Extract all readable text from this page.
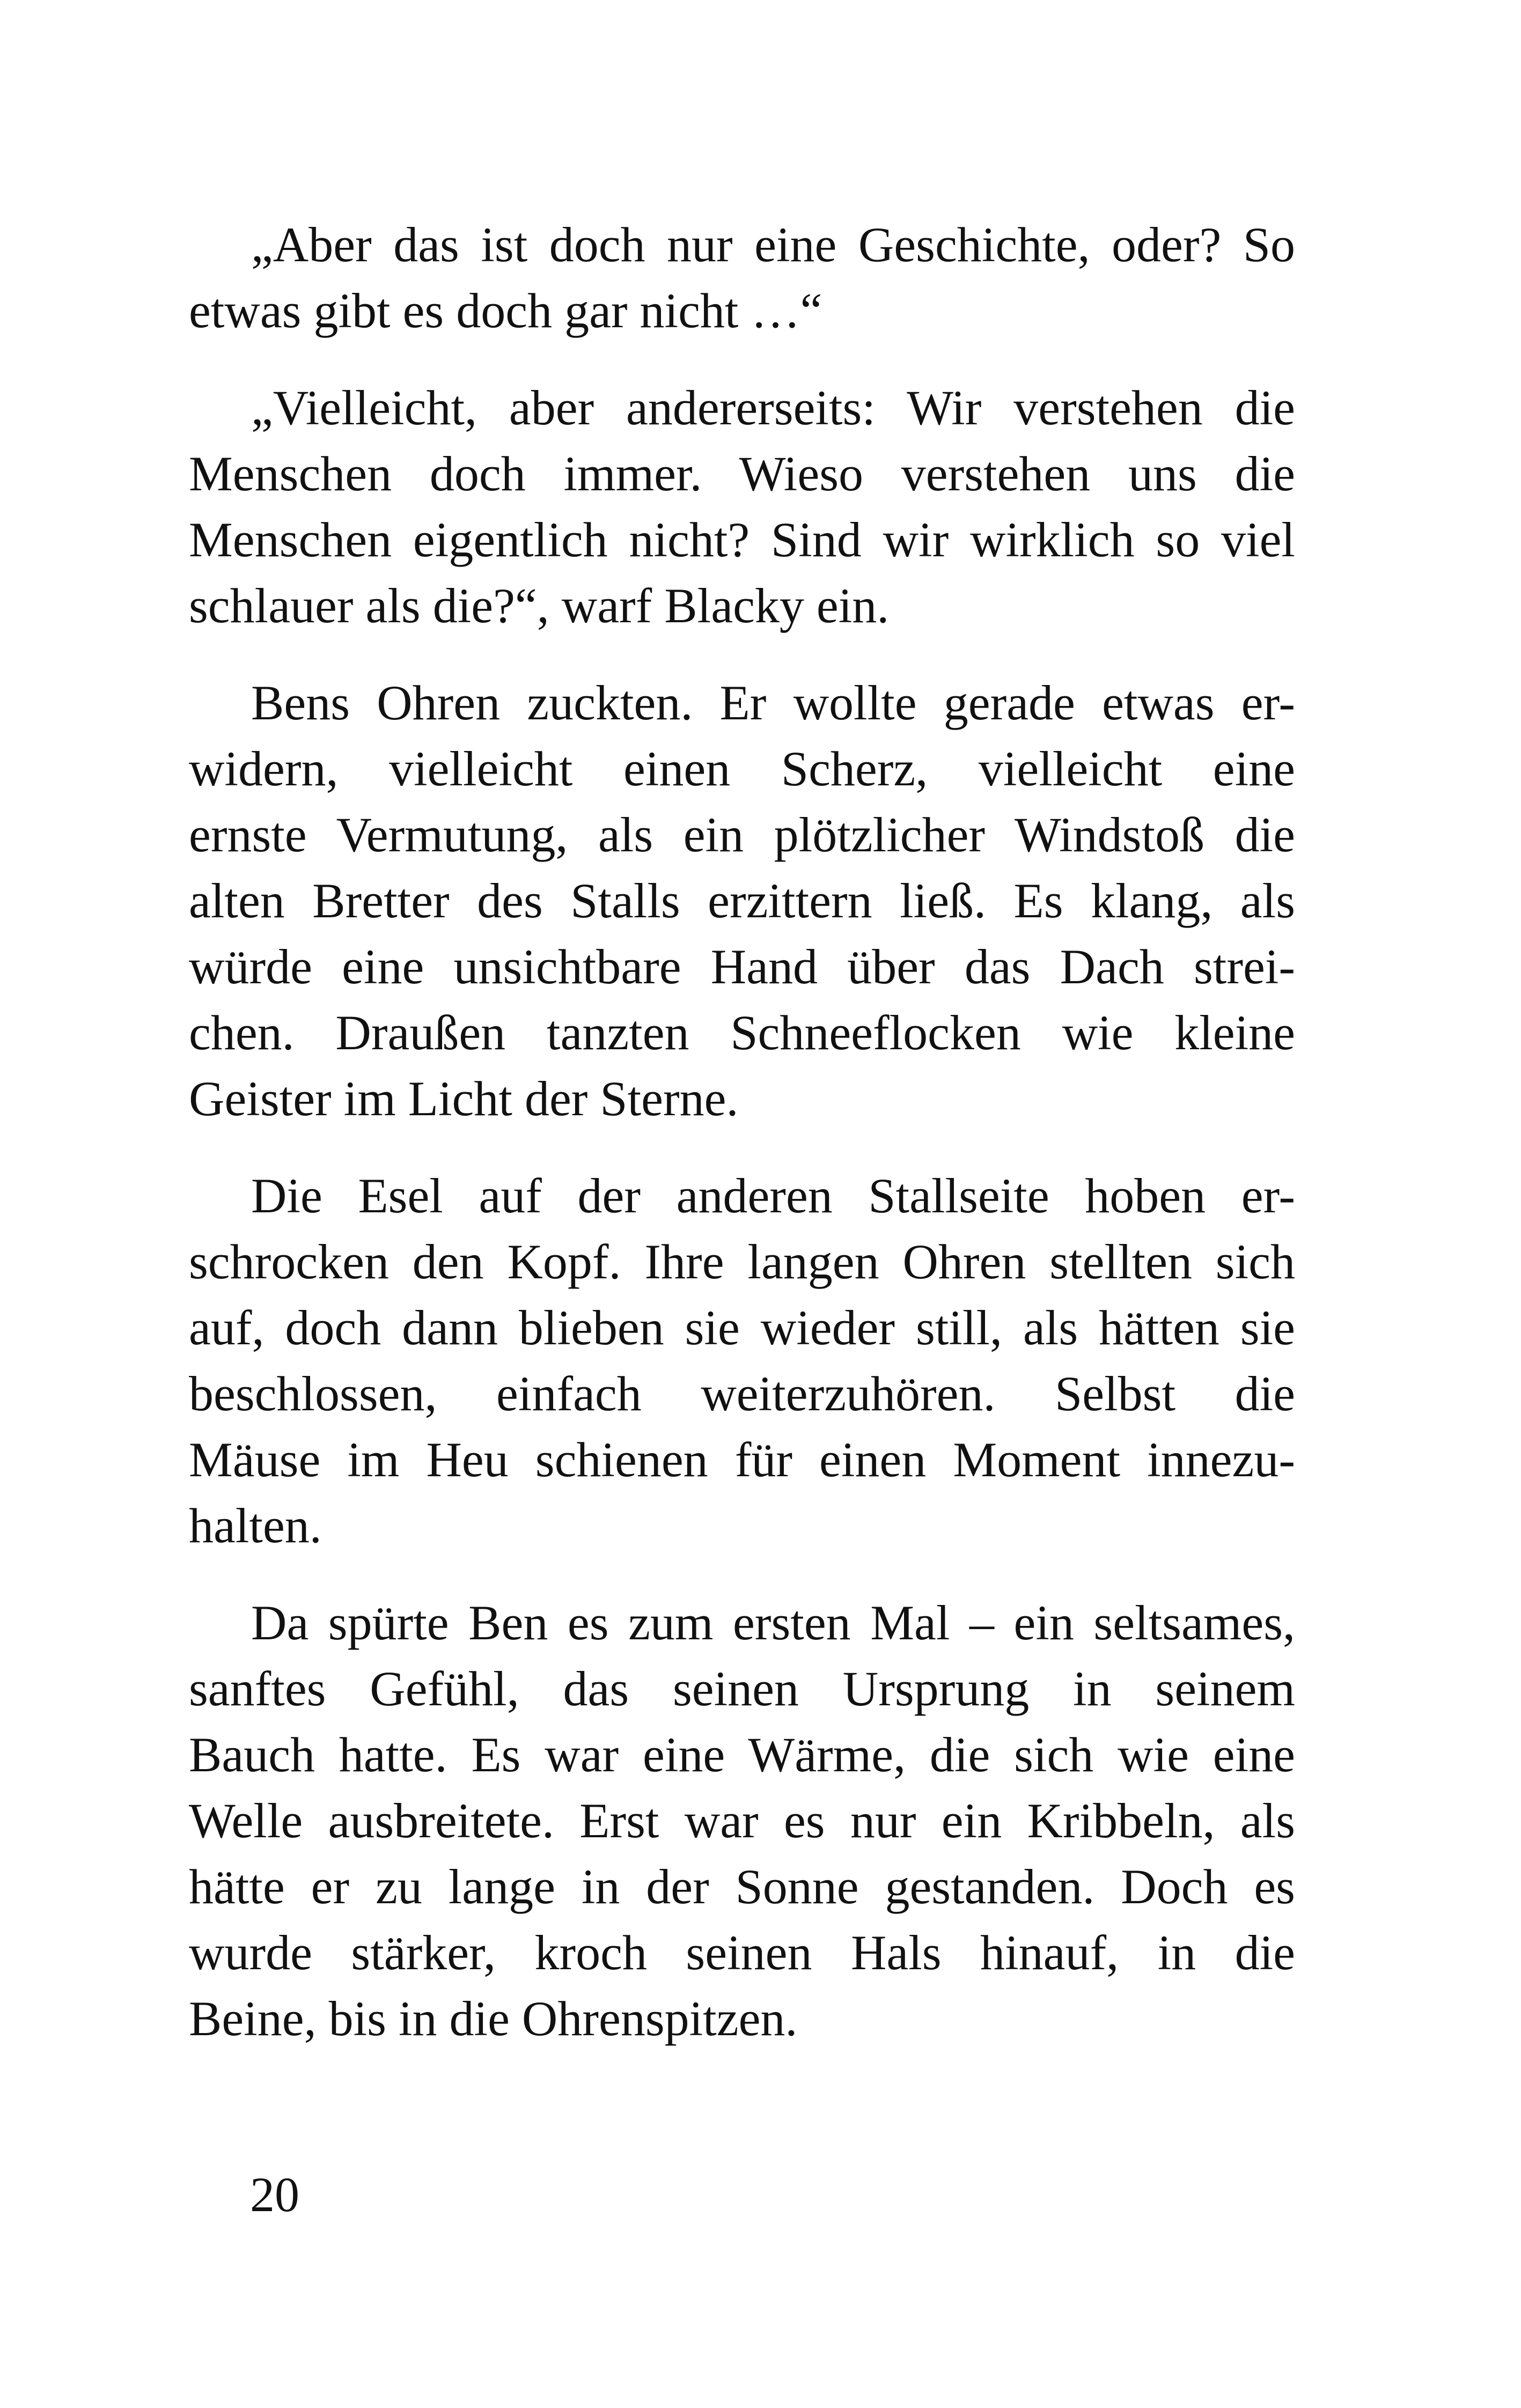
„Aber das ist doch nur eine Geschichte, oder? So
etwas gibt es doch gar nicht …“
„Vielleicht, aber andererseits: Wir verstehen die
Menschen doch immer. Wieso verstehen uns die
Menschen eigentlich nicht? Sind wir wirklich so viel
schlauer als die?“, warf Blacky ein.
Bens Ohren zuckten. Er wollte gerade etwas er-
widern, vielleicht einen Scherz, vielleicht eine
ernste Vermutung, als ein plötzlicher Windstoß die
alten Bretter des Stalls erzittern ließ. Es klang, als
würde eine unsichtbare Hand über das Dach strei-
chen. Draußen tanzten Schneeflocken wie kleine
Geister im Licht der Sterne.
Die Esel auf der anderen Stallseite hoben er-
schrocken den Kopf. Ihre langen Ohren stellten sich
auf, doch dann blieben sie wieder still, als hätten sie
beschlossen, einfach weiterzuhören. Selbst die
Mäuse im Heu schienen für einen Moment innezu-
halten.
Da spürte Ben es zum ersten Mal – ein seltsames,
sanftes Gefühl, das seinen Ursprung in seinem
Bauch hatte. Es war eine Wärme, die sich wie eine
Welle ausbreitete. Erst war es nur ein Kribbeln, als
hätte er zu lange in der Sonne gestanden. Doch es
wurde stärker, kroch seinen Hals hinauf, in die
Beine, bis in die Ohrenspitzen.
20
